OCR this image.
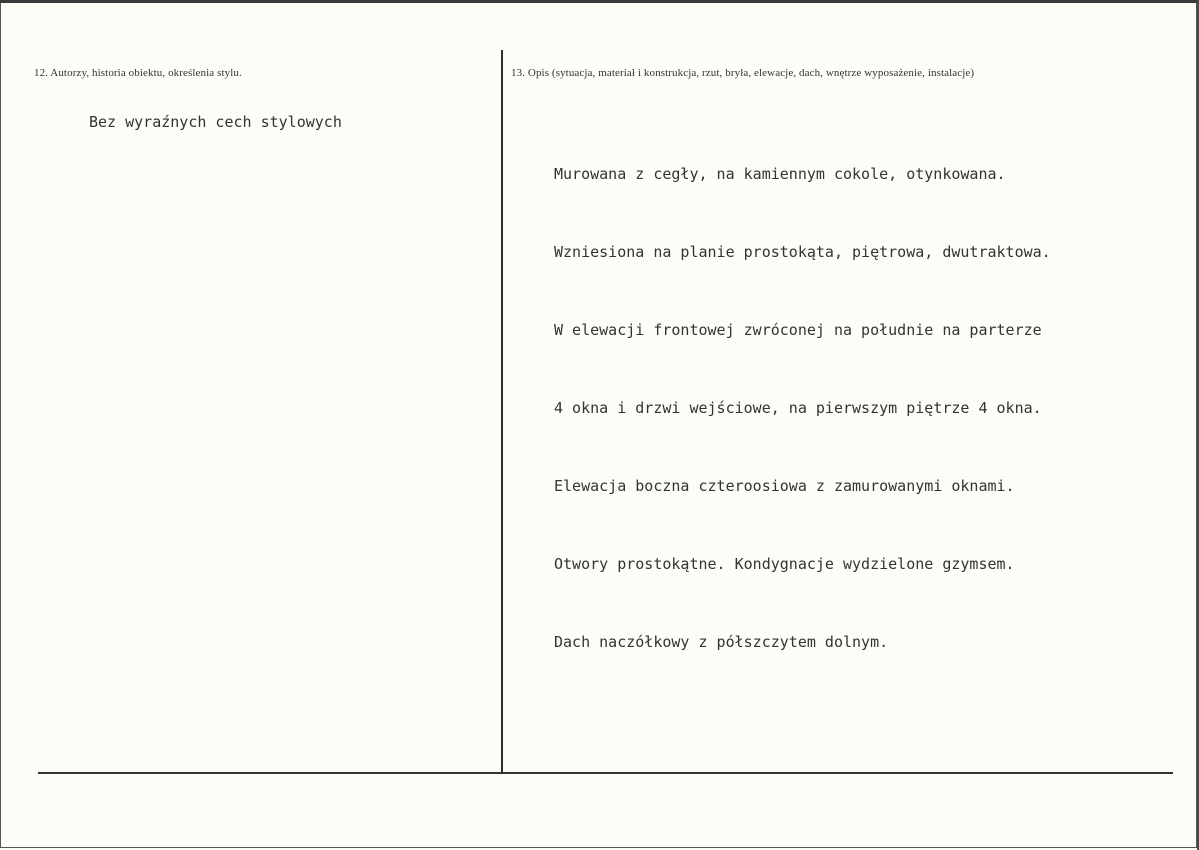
12. Autorzy, historia obiektu, określenia stylu.	13. Opis (sytuacja, materiał i konstrukcja, rzut, bryła, elewacje, dach, wnętrze wyposażenie, instalacje)
Bez wyraźnych cech stylowych

Murowana z cegły, na kamiennym cokole, otynkowana.

Wzniesiona na planie prostokąta, piętrowa, dwutraktowa.

W elewacji frontowej zwróconej na południe na parterze

4 okna i drzwi wejściowe, na pierwszym piętrze 4 okna.

Elewacja boczna czteroosiowa z zamurowanymi oknami.

Otwory prostokątne. Kondygnacje wydzielone gzymsem.

Dach naczółkowy z półszczytem dolnym.
